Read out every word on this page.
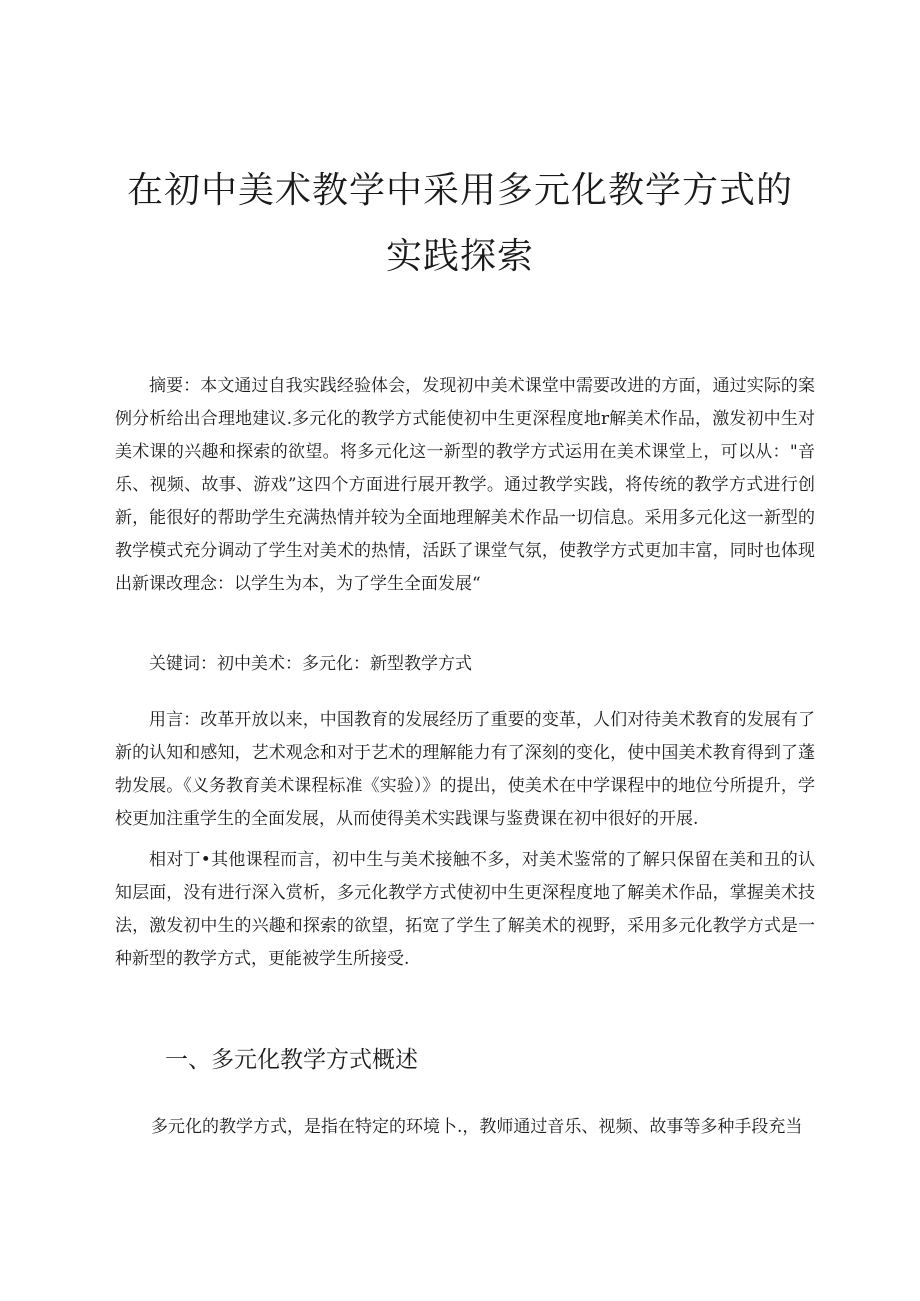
在初中美术教学中采用多元化教学方式的实践探索

摘要：本文通过自我实践经验体会，发现初中美术课堂中需要改进的方面，通过实际的案例分析给出合理地建议.多元化的教学方式能使初中生更深程度地r解美术作品，激发初中生对美术课的兴趣和探索的欲望。将多元化这一新型的教学方式运用在美术课堂上，可以从："音乐、视频、故事、游戏”这四个方面进行展开教学。通过教学实践，将传统的教学方式进行创新，能很好的帮助学生充满热情并较为全面地理解美术作品一切信息。采用多元化这一新型的教学模式充分调动了学生对美术的热情，活跃了课堂气氛，使教学方式更加丰富，同时也体现出新课改理念：以学生为本，为了学生全面发展“

关键词：初中美术：多元化：新型教学方式

用言：改革开放以来，中国教育的发展经历了重要的变革，人们对待美术教育的发展有了新的认知和感知，艺术观念和对于艺术的理解能力有了深刻的变化，使中国美术教育得到了蓬勃发展。《义务教育美术课程标准《实验）》的提出，使美术在中学课程中的地位兮所提升，学校更加注重学生的全面发展，从而使得美术实践课与鉴费课在初中很好的开展.

相对丁•其他课程而言，初中生与美术接触不多，对美术鉴常的了解只保留在美和丑的认知层面，没有进行深入赏析，多元化教学方式使初中生更深程度地了解美术作品，掌握美术技法，激发初中生的兴趣和探索的欲望，拓宽了学生了解美术的视野，采用多元化教学方式是一种新型的教学方式，更能被学生所接受.

一、多元化教学方式概述

多元化的教学方式，是指在特定的环境卜.，教师通过音乐、视频、故事等多种手段充当
